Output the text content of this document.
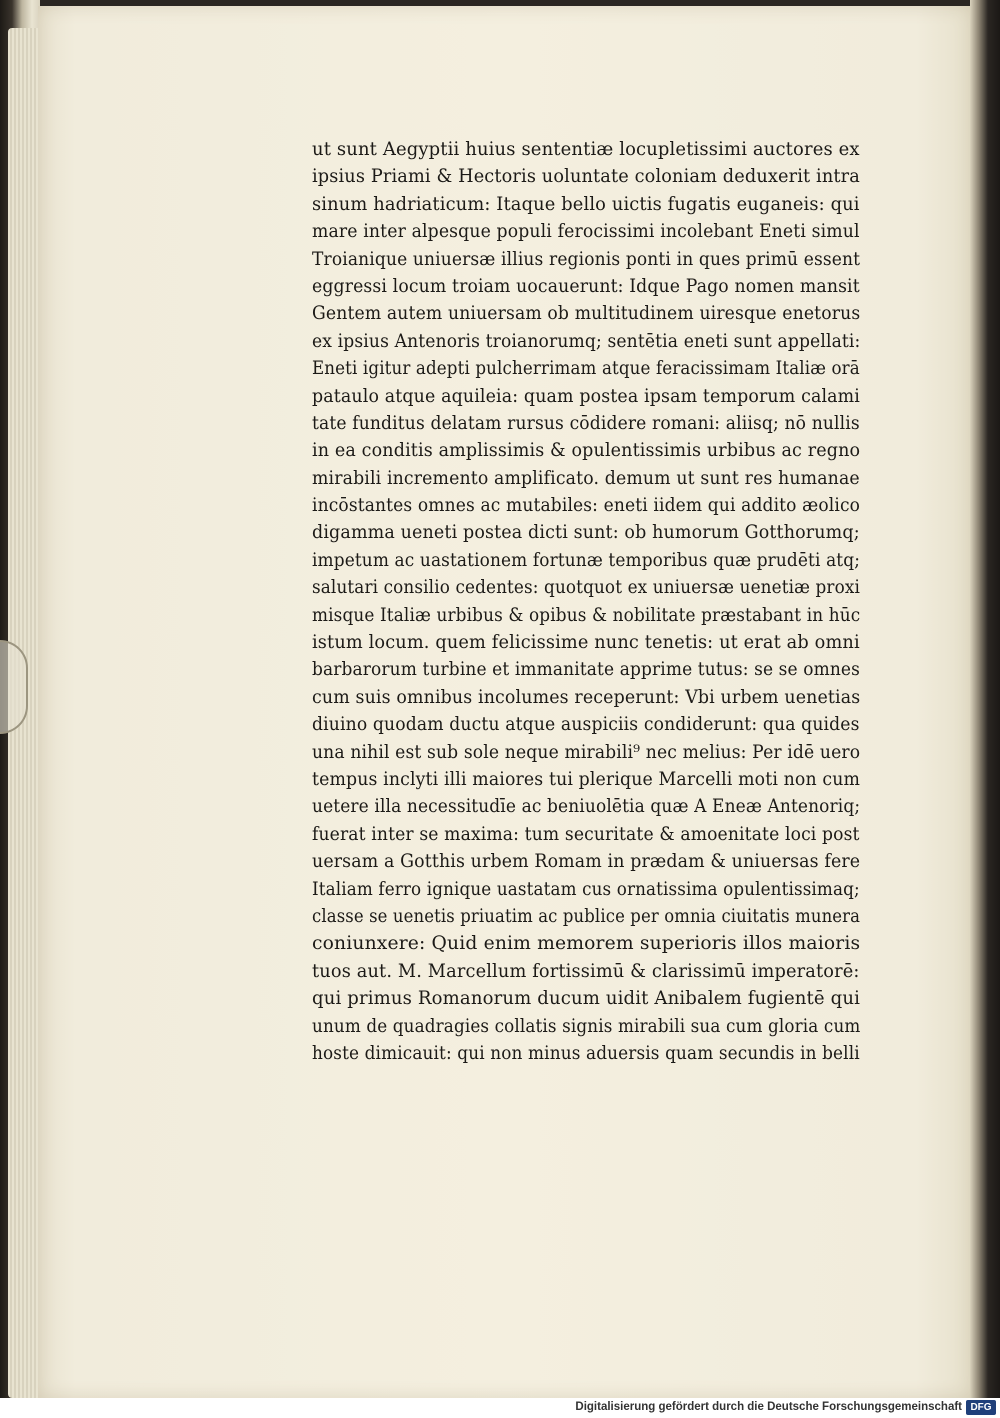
ut sunt Aegyptii huius sententiæ locupletissimi auctores ex
ipsius Priami & Hectoris uoluntate coloniam deduxerit intra
sinum hadriaticum: Itaque bello uictis fugatis euganeis: qui
mare inter alpesque populi ferocissimi incolebant Eneti simul
Troianique uniuersæ illius regionis ponti in ques primū essent
eggressi locum troiam uocauerunt: Idque Pago nomen mansit
Gentem autem uniuersam ob multitudinem uiresque enetorus
ex ipsius Antenoris troianorumq; sentētia eneti sunt appellati:
Eneti igitur adepti pulcherrimam atque feracissimam Italiæ orā
pataulo atque aquileia: quam postea ipsam temporum calami
tate funditus delatam rursus cōdidere romani: aliisq; nō nullis
in ea conditis amplissimis & opulentissimis urbibus ac regno
mirabili incremento amplificato. demum ut sunt res humanae
incōstantes omnes ac mutabiles: eneti iidem qui addito æolico
digamma ueneti postea dicti sunt: ob humorum Gotthorumq;
impetum ac uastationem fortunæ temporibus quæ prudēti atq;
salutari consilio cedentes: quotquot ex uniuersæ uenetiæ proxi
misque Italiæ urbibus & opibus & nobilitate præstabant in hūc
istum locum. quem felicissime nunc tenetis: ut erat ab omni
barbarorum turbine et immanitate apprime tutus: se se omnes
cum suis omnibus incolumes receperunt: Vbi urbem uenetias
diuino quodam ductu atque auspiciis condiderunt: qua quides
una nihil est sub sole neque mirabili⁹ nec melius: Per idē uero
tempus inclyti illi maiores tui plerique Marcelli moti non cum
uetere illa necessitudīe ac beniuolētia quæ A Eneæ Antenoriq;
fuerat inter se maxima: tum securitate & amoenitate loci post
uersam a Gotthis urbem Romam in prædam & uniuersas fere
Italiam ferro ignique uastatam cus ornatissima opulentissimaq;
classe se uenetis priuatim ac publice per omnia ciuitatis munera
coniunxere: Quid enim memorem superioris illos maioris
tuos aut. M. Marcellum fortissimū & clarissimū imperatorē:
qui primus Romanorum ducum uidit Anibalem fugientē qui
unum de quadragies collatis signis mirabili sua cum gloria cum
hoste dimicauit: qui non minus aduersis quam secundis in belli
Digitalisierung gefördert durch die Deutsche Forschungsgemeinschaft DFG
